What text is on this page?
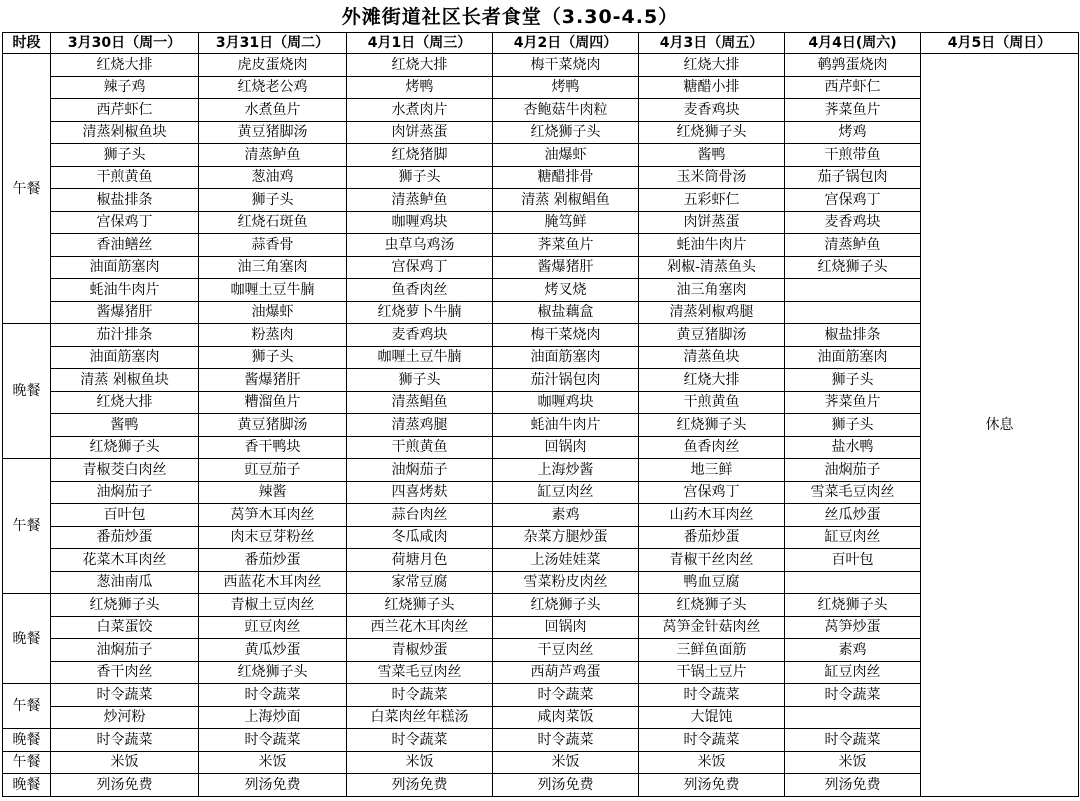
外滩街道社区长者食堂（3.30-4.5）
时段	3月30日（周一）	3月31日（周二）	4月1日（周三）	4月2日（周四）	4月3日（周五）	4月4日(周六)	4月5日（周日）
午餐	红烧大排	虎皮蛋烧肉	红烧大排	梅干菜烧肉	红烧大排	鹌鹑蛋烧肉	休息
	辣子鸡	红烧老公鸡	烤鸭	烤鸭	糖醋小排	西芹虾仁	
	西芹虾仁	水煮鱼片	水煮肉片	杏鲍菇牛肉粒	麦香鸡块	荠菜鱼片	
	清蒸剁椒鱼块	黄豆猪脚汤	肉饼蒸蛋	红烧狮子头	红烧狮子头	烤鸡	
	狮子头	清蒸鲈鱼	红烧猪脚	油爆虾	酱鸭	干煎带鱼	
	干煎黄鱼	葱油鸡	狮子头	糖醋排骨	玉米筒骨汤	茄子锅包肉	
	椒盐排条	狮子头	清蒸鲈鱼	清蒸 剁椒鲳鱼	五彩虾仁	宫保鸡丁	
	宫保鸡丁	红烧石斑鱼	咖喱鸡块	腌笃鲜	肉饼蒸蛋	麦香鸡块	
	香油鳝丝	蒜香骨	虫草乌鸡汤	荠菜鱼片	蚝油牛肉片	清蒸鲈鱼	
	油面筋塞肉	油三角塞肉	宫保鸡丁	酱爆猪肝	剁椒-清蒸鱼头	红烧狮子头	
	蚝油牛肉片	咖喱土豆牛腩	鱼香肉丝	烤叉烧	油三角塞肉		
	酱爆猪肝	油爆虾	红烧萝卜牛腩	椒盐藕盒	清蒸剁椒鸡腿		
晚餐	茄汁排条	粉蒸肉	麦香鸡块	梅干菜烧肉	黄豆猪脚汤	椒盐排条	
	油面筋塞肉	狮子头	咖喱土豆牛腩	油面筋塞肉	清蒸鱼块	油面筋塞肉	
	清蒸 剁椒鱼块	酱爆猪肝	狮子头	茄汁锅包肉	红烧大排	狮子头	
	红烧大排	糟溜鱼片	清蒸鲳鱼	咖喱鸡块	干煎黄鱼	荠菜鱼片	
	酱鸭	黄豆猪脚汤	清蒸鸡腿	蚝油牛肉片	红烧狮子头	狮子头	
	红烧狮子头	香干鸭块	干煎黄鱼	回锅肉	鱼香肉丝	盐水鸭	
午餐	青椒茭白肉丝	豇豆茄子	油焖茄子	上海炒酱	地三鲜	油焖茄子	
	油焖茄子	辣酱	四喜烤麸	缸豆肉丝	宫保鸡丁	雪菜毛豆肉丝	
	百叶包	莴笋木耳肉丝	蒜台肉丝	素鸡	山药木耳肉丝	丝瓜炒蛋	
	番茄炒蛋	肉末豆芽粉丝	冬瓜咸肉	杂菜方腿炒蛋	番茄炒蛋	缸豆肉丝	
	花菜木耳肉丝	番茄炒蛋	荷塘月色	上汤娃娃菜	青椒干丝肉丝	百叶包	
	葱油南瓜	西蓝花木耳肉丝	家常豆腐	雪菜粉皮肉丝	鸭血豆腐		
晚餐	红烧狮子头	青椒土豆肉丝	红烧狮子头	红烧狮子头	红烧狮子头	红烧狮子头	
	白菜蛋饺	豇豆肉丝	西兰花木耳肉丝	回锅肉	莴笋金针菇肉丝	莴笋炒蛋	
	油焖茄子	黄瓜炒蛋	青椒炒蛋	干豆肉丝	三鲜鱼面筋	素鸡	
	香干肉丝	红烧狮子头	雪菜毛豆肉丝	西葫芦鸡蛋	干锅土豆片	缸豆肉丝	
午餐	时令蔬菜	时令蔬菜	时令蔬菜	时令蔬菜	时令蔬菜	时令蔬菜	
	炒河粉	上海炒面	白菜肉丝年糕汤	咸肉菜饭	大馄饨		
晚餐	时令蔬菜	时令蔬菜	时令蔬菜	时令蔬菜	时令蔬菜	时令蔬菜	
午餐	米饭	米饭	米饭	米饭	米饭	米饭	
晚餐	列汤免费	列汤免费	列汤免费	列汤免费	列汤免费	列汤免费	
